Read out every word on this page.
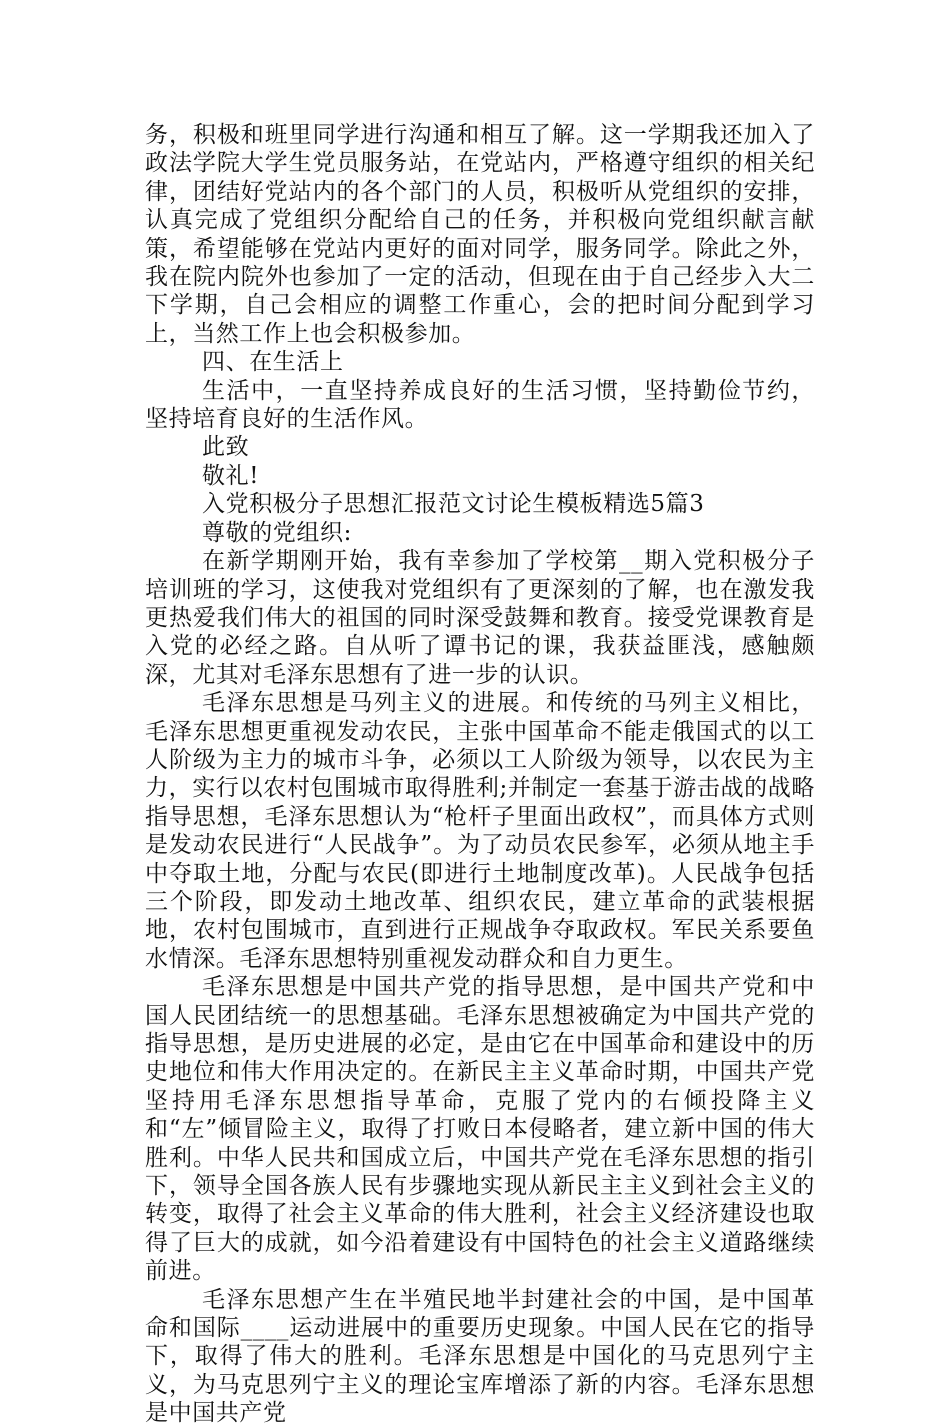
务，积极和班里同学进行沟通和相互了解。这一学期我还加入了政法学院大学生党员服务站，在党站内，严格遵守组织的相关纪律，团结好党站内的各个部门的人员，积极听从党组织的安排，认真完成了党组织分配给自己的任务，并积极向党组织献言献策，希望能够在党站内更好的面对同学，服务同学。除此之外，我在院内院外也参加了一定的活动，但现在由于自己经步入大二下学期，自己会相应的调整工作重心，会的把时间分配到学习上，当然工作上也会积极参加。

四、在生活上

生活中，一直坚持养成良好的生活习惯，坚持勤俭节约，坚持培育良好的生活作风。

此致

敬礼!

入党积极分子思想汇报范文讨论生模板精选5篇3

尊敬的党组织:

在新学期刚开始，我有幸参加了学校第__期入党积极分子培训班的学习，这使我对党组织有了更深刻的了解，也在激发我更热爱我们伟大的祖国的同时深受鼓舞和教育。接受党课教育是入党的必经之路。自从听了谭书记的课，我获益匪浅，感触颇深，尤其对毛泽东思想有了进一步的认识。

毛泽东思想是马列主义的进展。和传统的马列主义相比，毛泽东思想更重视发动农民，主张中国革命不能走俄国式的以工人阶级为主力的城市斗争，必须以工人阶级为领导，以农民为主力，实行以农村包围城市取得胜利;并制定一套基于游击战的战略指导思想，毛泽东思想认为“枪杆子里面出政权”，而具体方式则是发动农民进行“人民战争”。为了动员农民参军，必须从地主手中夺取土地，分配与农民(即进行土地制度改革)。人民战争包括三个阶段，即发动土地改革、组织农民，建立革命的武装根据地，农村包围城市，直到进行正规战争夺取政权。军民关系要鱼水情深。毛泽东思想特别重视发动群众和自力更生。

毛泽东思想是中国共产党的指导思想，是中国共产党和中国人民团结统一的思想基础。毛泽东思想被确定为中国共产党的指导思想，是历史进展的必定，是由它在中国革命和建设中的历史地位和伟大作用决定的。在新民主主义革命时期，中国共产党坚持用毛泽东思想指导革命，克服了党内的右倾投降主义和“左”倾冒险主义，取得了打败日本侵略者，建立新中国的伟大胜利。中华人民共和国成立后，中国共产党在毛泽东思想的指引下，领导全国各族人民有步骤地实现从新民主主义到社会主义的转变，取得了社会主义革命的伟大胜利，社会主义经济建设也取得了巨大的成就，如今沿着建设有中国特色的社会主义道路继续前进。

毛泽东思想产生在半殖民地半封建社会的中国，是中国革命和国际____运动进展中的重要历史现象。中国人民在它的指导下，取得了伟大的胜利。毛泽东思想是中国化的马克思列宁主义，为马克思列宁主义的理论宝库增添了新的内容。毛泽东思想是中国共产党
